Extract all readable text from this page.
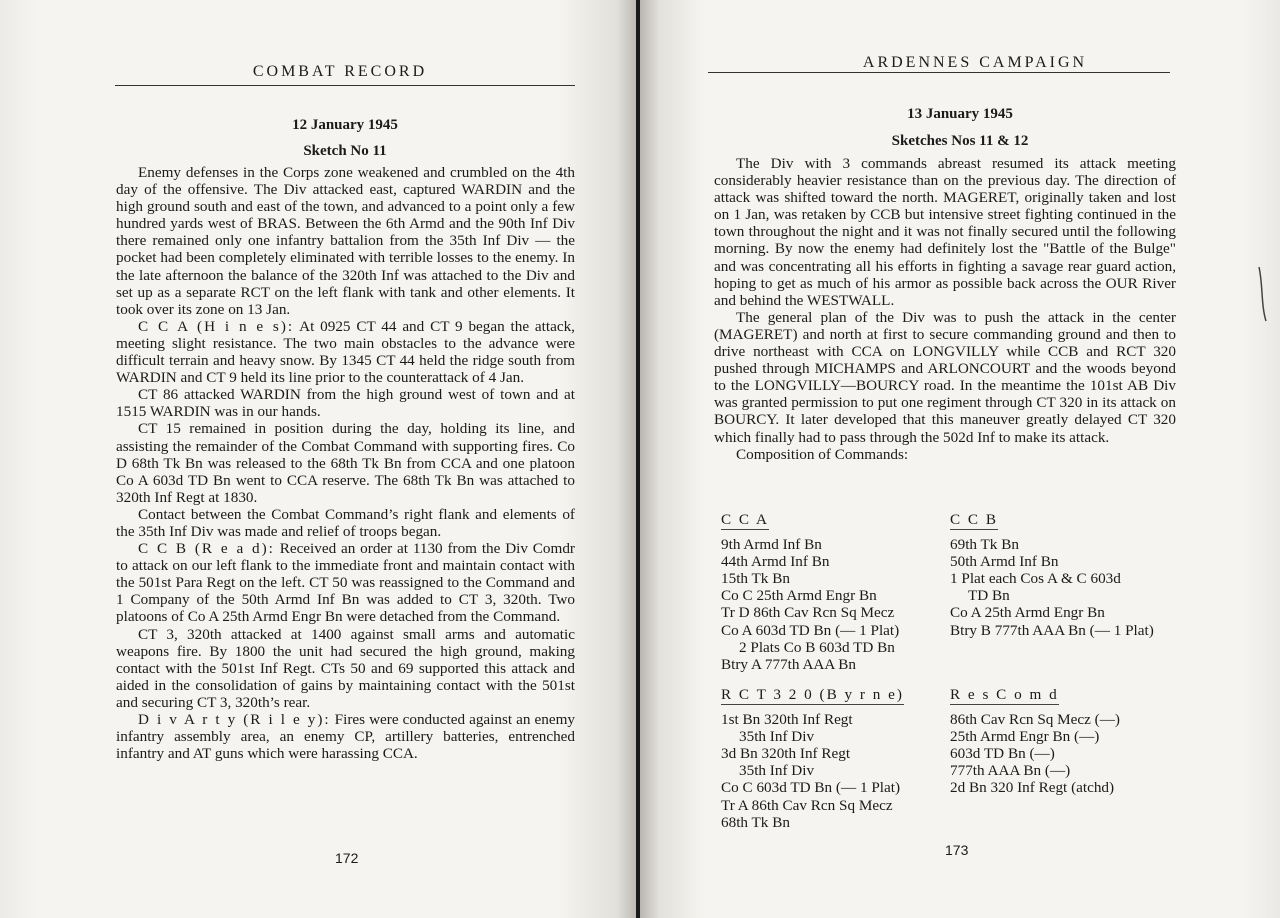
COMBAT RECORD
12 January 1945
Sketch No 11

Enemy defenses in the Corps zone weakened and crumbled on the 4th day of the offensive. The Div attacked east, captured WARDIN and the high ground south and east of the town, and advanced to a point only a few hundred yards west of BRAS. Between the 6th Armd and the 90th Inf Div there remained only one infantry battalion from the 35th Inf Div — the pocket had been completely eliminated with terrible losses to the enemy. In the late afternoon the balance of the 320th Inf was attached to the Div and set up as a separate RCT on the left flank with tank and other elements. It took over its zone on 13 Jan.

C C A (H i n e s): At 0925 CT 44 and CT 9 began the attack, meeting slight resistance. The two main obstacles to the advance were difficult terrain and heavy snow. By 1345 CT 44 held the ridge south from WARDIN and CT 9 held its line prior to the counterattack of 4 Jan.

CT 86 attacked WARDIN from the high ground west of town and at 1515 WARDIN was in our hands.

CT 15 remained in position during the day, holding its line, and assisting the remainder of the Combat Command with supporting fires. Co D 68th Tk Bn was released to the 68th Tk Bn from CCA and one platoon Co A 603d TD Bn went to CCA reserve. The 68th Tk Bn was attached to 320th Inf Regt at 1830.

Contact between the Combat Command’s right flank and elements of the 35th Inf Div was made and relief of troops began.

C C B (R e a d): Received an order at 1130 from the Div Comdr to attack on our left flank to the immediate front and maintain contact with the 501st Para Regt on the left. CT 50 was reassigned to the Command and 1 Company of the 50th Armd Inf Bn was added to CT 3, 320th. Two platoons of Co A 25th Armd Engr Bn were detached from the Command.

CT 3, 320th attacked at 1400 against small arms and automatic weapons fire. By 1800 the unit had secured the high ground, making contact with the 501st Inf Regt. CTs 50 and 69 supported this attack and aided in the consolidation of gains by maintaining contact with the 501st and securing CT 3, 320th’s rear.

D i v A r t y (R i l e y): Fires were conducted against an enemy infantry assembly area, an enemy CP, artillery batteries, entrenched infantry and AT guns which were harassing CCA.

172
ARDENNES CAMPAIGN
13 January 1945
Sketches Nos 11 & 12

The Div with 3 commands abreast resumed its attack meeting considerably heavier resistance than on the previous day. The direction of attack was shifted toward the north. MAGERET, originally taken and lost on 1 Jan, was retaken by CCB but intensive street fighting continued in the town throughout the night and it was not finally secured until the following morning. By now the enemy had definitely lost the "Battle of the Bulge" and was concentrating all his efforts in fighting a savage rear guard action, hoping to get as much of his armor as possible back across the OUR River and behind the WESTWALL.

The general plan of the Div was to push the attack in the center (MAGERET) and north at first to secure commanding ground and then to drive northeast with CCA on LONGVILLY while CCB and RCT 320 pushed through MICHAMPS and ARLONCOURT and the woods beyond to the LONGVILLY—BOURCY road. In the meantime the 101st AB Div was granted permission to put one regiment through CT 320 in its attack on BOURCY. It later developed that this maneuver greatly delayed CT 320 which finally had to pass through the 502d Inf to make its attack.

Composition of Commands:

C C A
9th Armd Inf Bn
44th Armd Inf Bn
15th Tk Bn
Co C 25th Armd Engr Bn
Tr D 86th Cav Rcn Sq Mecz
Co A 603d TD Bn (— 1 Plat)
2 Plats Co B 603d TD Bn
Btry A 777th AAA Bn
C C B
69th Tk Bn
50th Armd Inf Bn
1 Plat each Cos A & C 603d
TD Bn
Co A 25th Armd Engr Bn
Btry B 777th AAA Bn (— 1 Plat)
R C T 3 2 0 (B y r n e)
1st Bn 320th Inf Regt
35th Inf Div
3d Bn 320th Inf Regt
35th Inf Div
Co C 603d TD Bn (— 1 Plat)
Tr A 86th Cav Rcn Sq Mecz
68th Tk Bn
R e s C o m d
86th Cav Rcn Sq Mecz (—)
25th Armd Engr Bn (—)
603d TD Bn (—)
777th AAA Bn (—)
2d Bn 320 Inf Regt (atchd)
173
